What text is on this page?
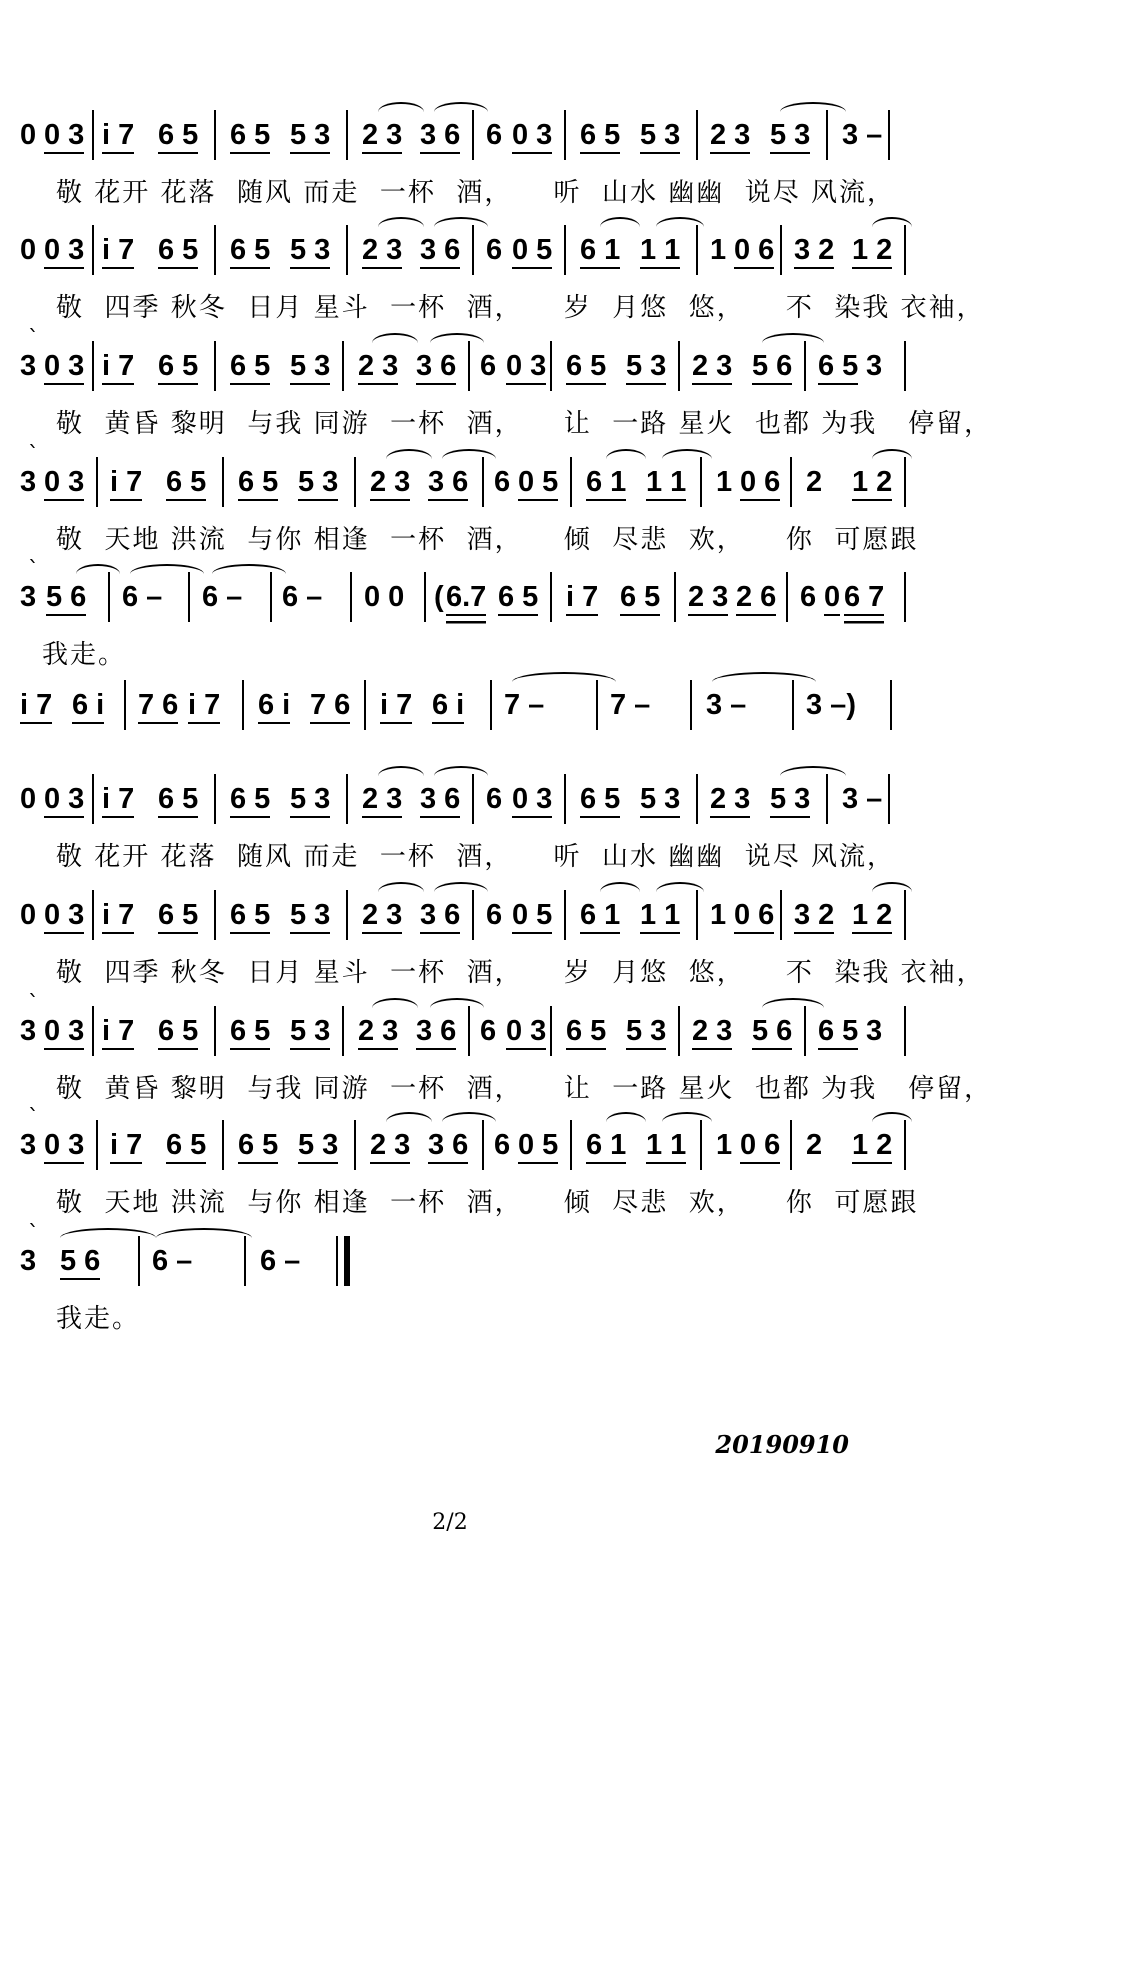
0 0 3 i 7 6 5 6 5 5 3 2 3 3 6 6 0 3 6 5 5 3 2 3 5 3 3 –
敬 花开 花落  随风 而走  一杯  酒，    听  山水 幽幽  说尽 风流，
0 0 3 i 7 6 5 6 5 5 3 2 3 3 6 6 0 5 6 1 1 1 1 0 6 3 2 1 2
敬  四季 秋冬  日月 星斗  一杯  酒，    岁  月悠  悠，    不  染我 衣袖，
`
3 0 3 i 7 6 5 6 5 5 3 2 3 3 6 6 0 3 6 5 5 3 2 3 5 6 6 5 3
敬  黄昏 黎明  与我 同游  一杯  酒，    让  一路 星火  也都 为我   停留，
`
3 0 3 i 7 6 5 6 5 5 3 2 3 3 6 6 0 5 6 1 1 1 1 0 6 2 1 2
敬  天地 洪流  与你 相逢  一杯  酒，    倾  尽悲  欢，    你  可愿跟
`
3 5 6 6 – 6 – 6 – 0 0 ( 6.7 6 5 i 7 6 5 2 3 2 6 6 0 6 7
我走。
i 7 6 i 7 6 i 7 6 i 7 6 i 7 6 i 7 – 7 – 3 – 3 –)
0 0 3 i 7 6 5 6 5 5 3 2 3 3 6 6 0 3 6 5 5 3 2 3 5 3 3 –
敬 花开 花落  随风 而走  一杯  酒，    听  山水 幽幽  说尽 风流，
0 0 3 i 7 6 5 6 5 5 3 2 3 3 6 6 0 5 6 1 1 1 1 0 6 3 2 1 2
敬  四季 秋冬  日月 星斗  一杯  酒，    岁  月悠  悠，    不  染我 衣袖，
`
3 0 3 i 7 6 5 6 5 5 3 2 3 3 6 6 0 3 6 5 5 3 2 3 5 6 6 5 3
敬  黄昏 黎明  与我 同游  一杯  酒，    让  一路 星火  也都 为我   停留，
`
3 0 3 i 7 6 5 6 5 5 3 2 3 3 6 6 0 5 6 1 1 1 1 0 6 2 1 2
敬  天地 洪流  与你 相逢  一杯  酒，    倾  尽悲  欢，    你  可愿跟
`
3 5 6 6 – 6 –
我走。
20190910
2/2
